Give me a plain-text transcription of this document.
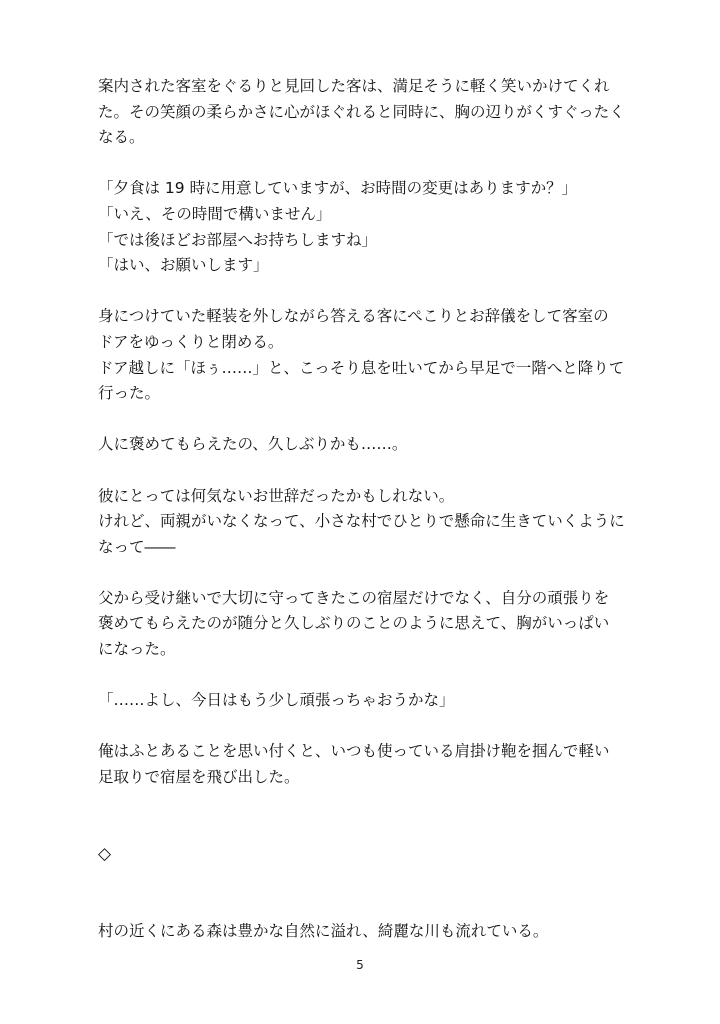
案内された客室をぐるりと見回した客は、満足そうに軽く笑いかけてくれ
た。その笑顔の柔らかさに心がほぐれると同時に、胸の辺りがくすぐったく
なる。

「夕食は 19 時に用意していますが、お時間の変更はありますか？」
「いえ、その時間で構いません」
「では後ほどお部屋へお持ちしますね」
「はい、お願いします」

身につけていた軽装を外しながら答える客にぺこりとお辞儀をして客室の
ドアをゆっくりと閉める。
ドア越しに「ほぅ……」と、こっそり息を吐いてから早足で一階へと降りて
行った。

人に褒めてもらえたの、久しぶりかも……。

彼にとっては何気ないお世辞だったかもしれない。
けれど、両親がいなくなって、小さな村でひとりで懸命に生きていくように
なって――

父から受け継いで大切に守ってきたこの宿屋だけでなく、自分の頑張りを
褒めてもらえたのが随分と久しぶりのことのように思えて、胸がいっぱい
になった。

「……よし、今日はもう少し頑張っちゃおうかな」

俺はふとあることを思い付くと、いつも使っている肩掛け鞄を掴んで軽い
足取りで宿屋を飛び出した。

◇

村の近くにある森は豊かな自然に溢れ、綺麗な川も流れている。

5
